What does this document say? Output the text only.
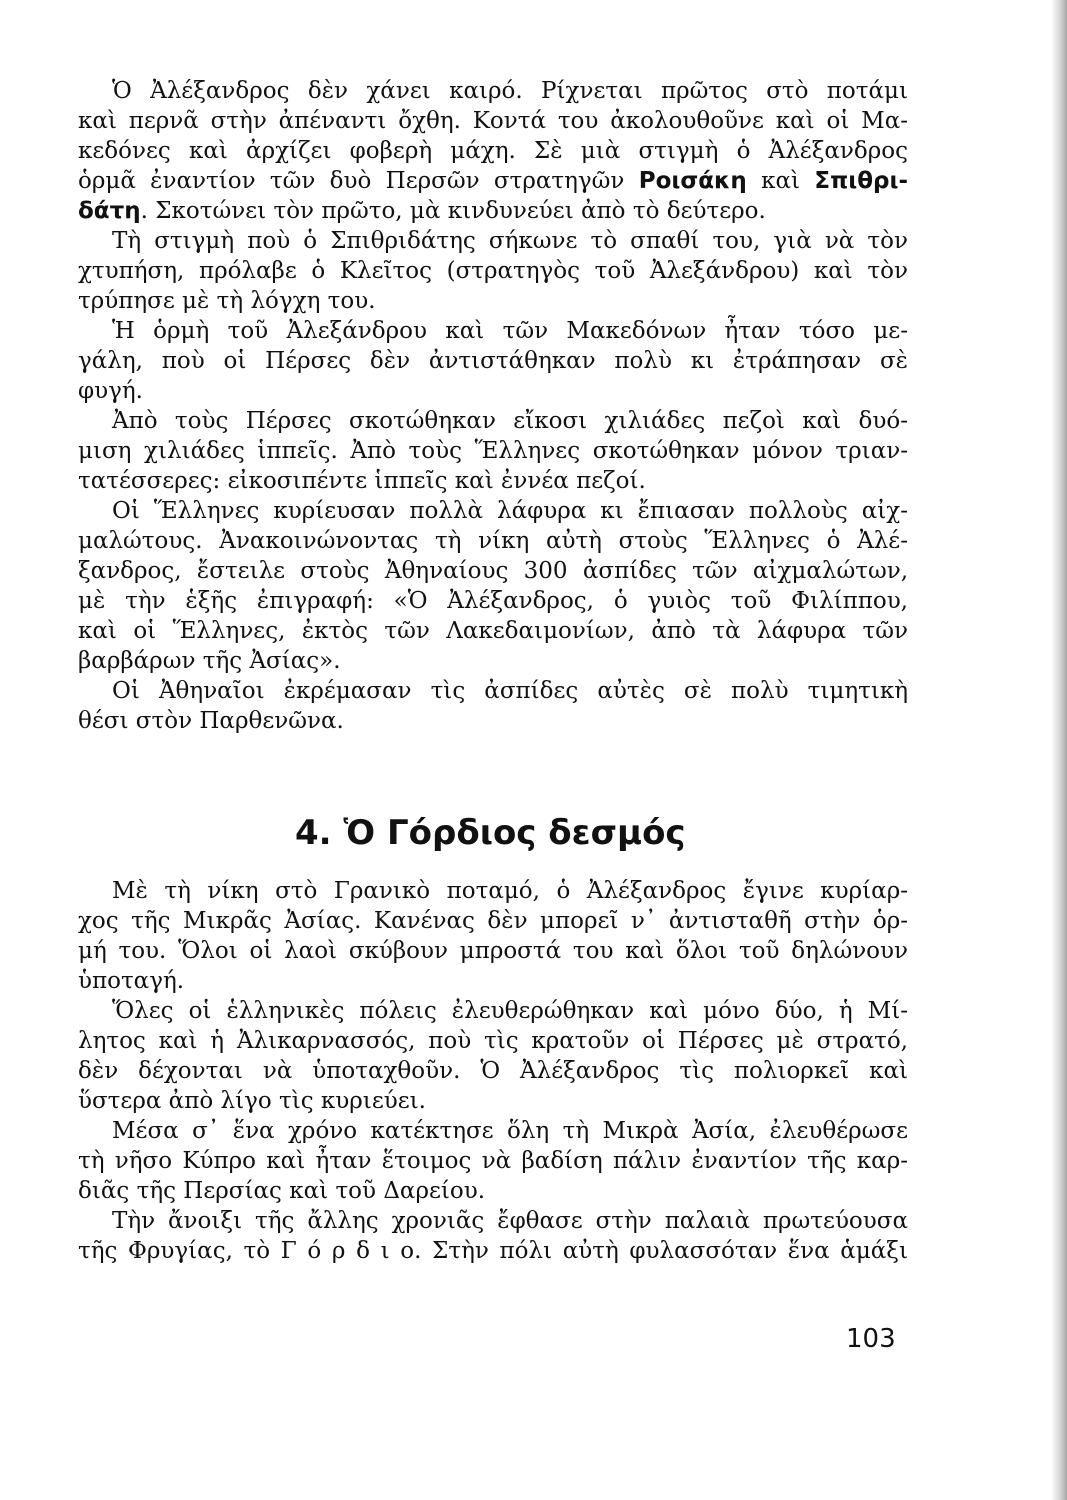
Ὁ Ἀλέξανδρος δὲν χάνει καιρό. Ρίχνεται πρῶτος στὸ ποτάμι
καὶ περνᾶ στὴν ἀπέναντι ὄχθη. Κοντά του ἀκολουθοῦνε καὶ οἱ Μα-
κεδόνες καὶ ἀρχίζει φοβερὴ μάχη. Σὲ μιὰ στιγμὴ ὁ Ἀλέξανδρος
ὁρμᾶ ἐναντίον τῶν δυὸ Περσῶν στρατηγῶν Ροισάκη καὶ Σπιθρι-
δάτη. Σκοτώνει τὸν πρῶτο, μὰ κινδυνεύει ἀπὸ τὸ δεύτερο.

Τὴ στιγμὴ ποὺ ὁ Σπιθριδάτης σήκωνε τὸ σπαθί του, γιὰ νὰ τὸν
χτυπήση, πρόλαβε ὁ Κλεῖτος (στρατηγὸς τοῦ Ἀλεξάνδρου) καὶ τὸν
τρύπησε μὲ τὴ λόγχη του.

Ἡ ὁρμὴ τοῦ Ἀλεξάνδρου καὶ τῶν Μακεδόνων ἦταν τόσο με-
γάλη, ποὺ οἱ Πέρσες δὲν ἀντιστάθηκαν πολὺ κι ἐτράπησαν σὲ
φυγή.

Ἀπὸ τοὺς Πέρσες σκοτώθηκαν εἴκοσι χιλιάδες πεζοὶ καὶ δυό-
μιση χιλιάδες ἱππεῖς. Ἀπὸ τοὺς Ἕλληνες σκοτώθηκαν μόνον τριαν-
τατέσσερες: εἰκοσιπέντε ἱππεῖς καὶ ἐννέα πεζοί.

Οἱ Ἕλληνες κυρίευσαν πολλὰ λάφυρα κι ἔπιασαν πολλοὺς αἰχ-
μαλώτους. Ἀνακοινώνοντας τὴ νίκη αὐτὴ στοὺς Ἕλληνες ὁ Ἀλέ-
ξανδρος, ἔστειλε στοὺς Ἀθηναίους 300 ἀσπίδες τῶν αἰχμαλώτων,
μὲ τὴν ἑξῆς ἐπιγραφή: «Ὁ Ἀλέξανδρος, ὁ γυιὸς τοῦ Φιλίππου,
καὶ οἱ Ἕλληνες, ἐκτὸς τῶν Λακεδαιμονίων, ἀπὸ τὰ λάφυρα τῶν
βαρβάρων τῆς Ἀσίας».

Οἱ Ἀθηναῖοι ἐκρέμασαν τὶς ἀσπίδες αὐτὲς σὲ πολὺ τιμητικὴ
θέσι στὸν Παρθενῶνα.

4. Ὁ Γόρδιος δεσμός

Μὲ τὴ νίκη στὸ Γρανικὸ ποταμό, ὁ Ἀλέξανδρος ἔγινε κυρίαρ-
χος τῆς Μικρᾶς Ἀσίας. Κανένας δὲν μπορεῖ ν᾿ ἀντισταθῆ στὴν ὁρ-
μή του. Ὅλοι οἱ λαοὶ σκύβουν μπροστά του καὶ ὅλοι τοῦ δηλώνουν
ὑποταγή.

Ὅλες οἱ ἑλληνικὲς πόλεις ἐλευθερώθηκαν καὶ μόνο δύο, ἡ Μί-
λητος καὶ ἡ Ἀλικαρνασσός, ποὺ τὶς κρατοῦν οἱ Πέρσες μὲ στρατό,
δὲν δέχονται νὰ ὑποταχθοῦν. Ὁ Ἀλέξανδρος τὶς πολιορκεῖ καὶ
ὕστερα ἀπὸ λίγο τὶς κυριεύει.

Μέσα σ᾿ ἕνα χρόνο κατέκτησε ὅλη τὴ Μικρὰ Ἀσία, ἐλευθέρωσε
τὴ νῆσο Κύπρο καὶ ἦταν ἕτοιμος νὰ βαδίση πάλιν ἐναντίον τῆς καρ-
διᾶς τῆς Περσίας καὶ τοῦ Δαρείου.

Τὴν ἄνοιξι τῆς ἄλλης χρονιᾶς ἔφθασε στὴν παλαιὰ πρωτεύουσα
τῆς Φρυγίας, τὸ Γ ό ρ δ ι ο. Στὴν πόλι αὐτὴ φυλασσόταν ἕνα ἁμάξι

103
